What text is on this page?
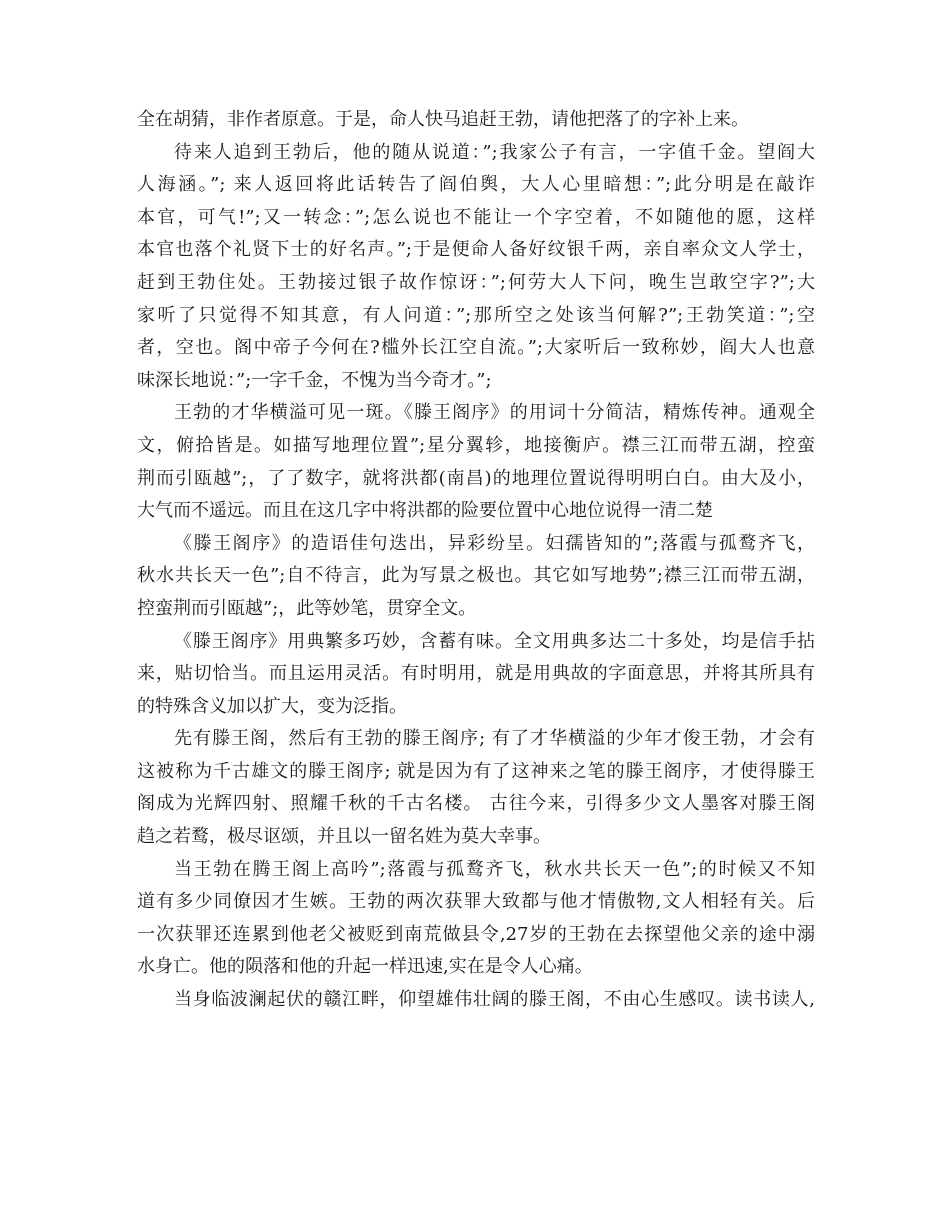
全在胡猜，非作者原意。于是，命人快马追赶王勃，请他把落了的字补上来。
待来人追到王勃后，他的随从说道：”;我家公子有言，一字值千金。望阎大
人海涵。”; 来人返回将此话转告了阎伯舆，大人心里暗想：”;此分明是在敲诈
本官，可气!”;又一转念：”;怎么说也不能让一个字空着，不如随他的愿，这样
本官也落个礼贤下士的好名声。”;于是便命人备好纹银千两，亲自率众文人学士，
赶到王勃住处。王勃接过银子故作惊讶：”;何劳大人下问，晚生岂敢空字?”;大
家听了只觉得不知其意，有人问道：”;那所空之处该当何解?”;王勃笑道：”;空
者，空也。阁中帝子今何在?槛外长江空自流。”;大家听后一致称妙，阎大人也意
味深长地说：”;一字千金，不愧为当今奇才。”;
王勃的才华横溢可见一斑。《滕王阁序》的用词十分简洁，精炼传神。通观全
文，俯拾皆是。如描写地理位置”;星分翼轸，地接衡庐。襟三江而带五湖，控蛮
荆而引瓯越”;，了了数字，就将洪都(南昌)的地理位置说得明明白白。由大及小，
大气而不遥远。而且在这几字中将洪都的险要位置中心地位说得一清二楚
《滕王阁序》的造语佳句迭出，异彩纷呈。妇孺皆知的”;落霞与孤鹜齐飞，
秋水共长天一色”;自不待言，此为写景之极也。其它如写地势”;襟三江而带五湖，
控蛮荆而引瓯越”;，此等妙笔，贯穿全文。
《滕王阁序》用典繁多巧妙，含蓄有味。全文用典多达二十多处，均是信手拈
来，贴切恰当。而且运用灵活。有时明用，就是用典故的字面意思，并将其所具有
的特殊含义加以扩大，变为泛指。
先有滕王阁，然后有王勃的滕王阁序; 有了才华横溢的少年才俊王勃，才会有
这被称为千古雄文的滕王阁序; 就是因为有了这神来之笔的滕王阁序，才使得滕王
阁成为光辉四射、照耀千秋的千古名楼。 古往今来，引得多少文人墨客对滕王阁
趋之若鹜，极尽讴颂，并且以一留名姓为莫大幸事。
当王勃在腾王阁上高吟”;落霞与孤鹜齐飞，秋水共长天一色”;的时候又不知
道有多少同僚因才生嫉。王勃的两次获罪大致都与他才情傲物,文人相轻有关。后
一次获罪还连累到他老父被贬到南荒做县令,27岁的王勃在去探望他父亲的途中溺
水身亡。他的陨落和他的升起一样迅速,实在是令人心痛。
当身临波澜起伏的赣江畔，仰望雄伟壮阔的滕王阁，不由心生感叹。读书读人,
